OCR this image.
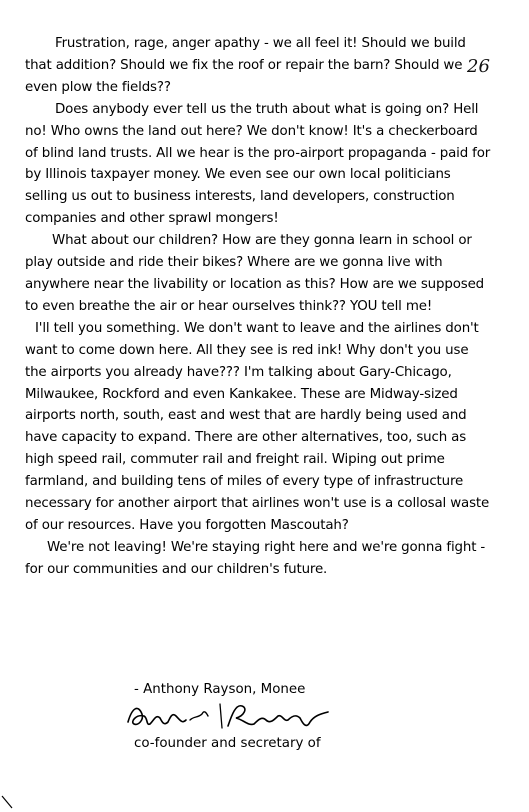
26

Frustration, rage, anger apathy - we all feel it! Should we build that addition? Should we fix the roof or repair the barn? Should we even plow the fields??

Does anybody ever tell us the truth about what is going on? Hell no! Who owns the land out here? We don't know! It's a checkerboard of blind land trusts. All we hear is the pro-airport propaganda - paid for by Illinois taxpayer money. We even see our own local politicians selling us out to business interests, land developers, construction companies and other sprawl mongers!

What about our children? How are they gonna learn in school or play outside and ride their bikes? Where are we gonna live with anywhere near the livability or location as this? How are we supposed to even breathe the air or hear ourselves think?? YOU tell me!

I'll tell you something. We don't want to leave and the airlines don't want to come down here. All they see is red ink! Why don't you use the airports you already have??? I'm talking about Gary-Chicago, Milwaukee, Rockford and even Kankakee. These are Midway-sized airports north, south, east and west that are hardly being used and have capacity to expand. There are other alternatives, too, such as high speed rail, commuter rail and freight rail. Wiping out prime farmland, and building tens of miles of every type of infrastructure necessary for another airport that airlines won't use is a collosal waste of our resources. Have you forgotten Mascoutah?

We're not leaving! We're staying right here and we're gonna fight - for our communities and our children's future.

- Anthony Rayson, Monee
co-founder and secretary of
